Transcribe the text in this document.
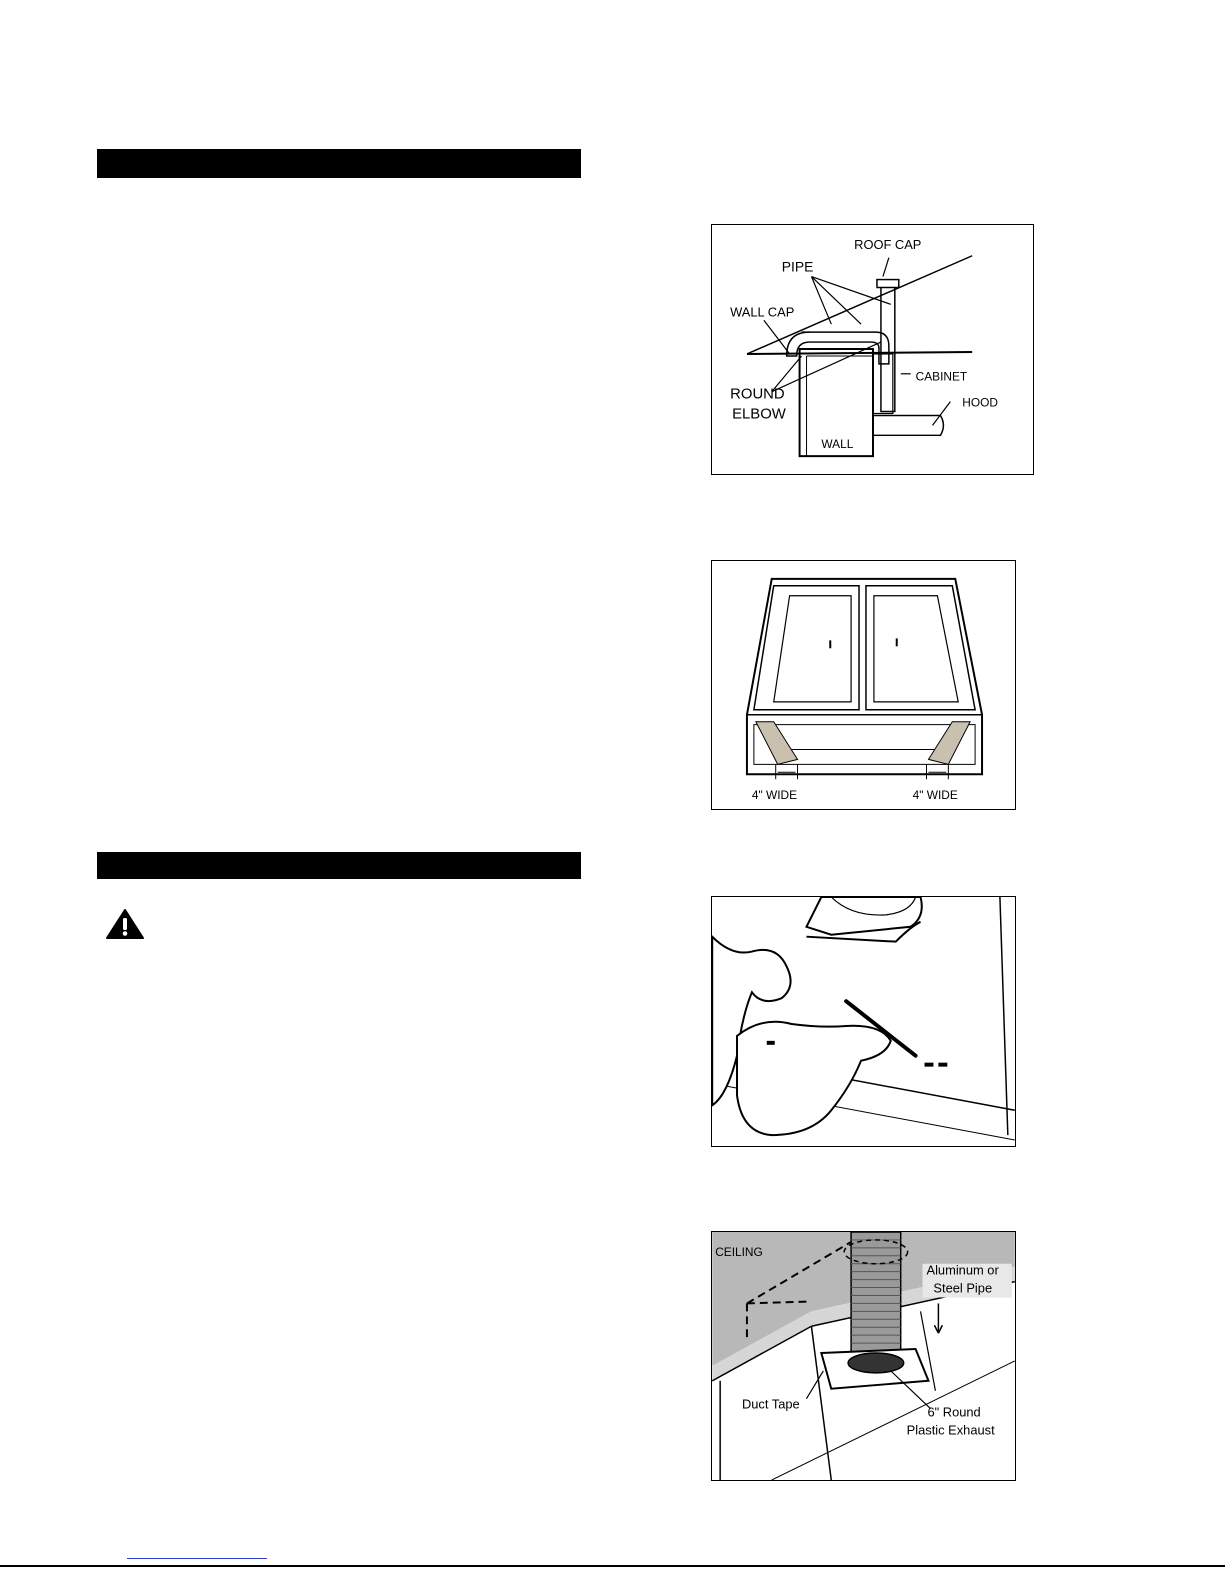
ROOF CAP
PIPE
WALL CAP
CABINET
ROUND
ELBOW
HOOD
WALL
4" WIDE	4" WIDE
CEILING
Aluminum or
Steel Pipe
Duct Tape
6" Round
Plastic Exhaust
